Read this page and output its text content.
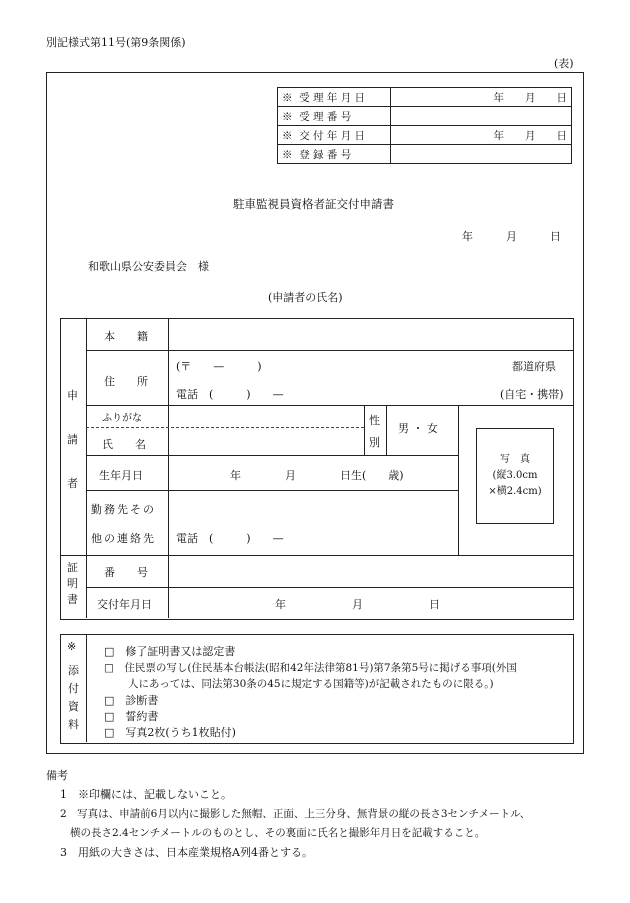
別記様式第11号(第9条関係)
(表)
※ 受 理 年 月 日	年　　月　　日
※ 受 理 番 号	
※ 交 付 年 月 日	年　　月　　日
※ 登 録 番 号	
駐車監視員資格者証交付申請書
年　　　月　　　日
和歌山県公安委員会　様
(申請者の氏名)
申
請
者
本　　籍
住　　所
(〒　　—　　　)	都道府県
電話　(　　　)　　—	(自宅・携帯)
ふりがな
氏　　名
性
別
男 ・ 女
生年月日	年　　　　月　　　　日生(　　歳)
勤務先その
他の連絡先 電話　(　　　)　　—
写　真
(縦3.0cm
×横2.4cm)
証
明
書
番　　号
交付年月日	年　　　　　　月　　　　　　日
※
添
付
資
料
□　修了証明書又は認定書
□　住民票の写し(住民基本台帳法(昭和42年法律第81号)第7条第5号に掲げる事項(外国
人にあっては、同法第30条の45に規定する国籍等)が記載されたものに限る。)
□　診断書
□　誓約書
□　写真2枚(うち1枚貼付)
備考
1　※印欄には、記載しないこと。
2　写真は、申請前6月以内に撮影した無帽、正面、上三分身、無背景の縦の長さ3センチメートル、
横の長さ2.4センチメートルのものとし、その裏面に氏名と撮影年月日を記載すること。
3　用紙の大きさは、日本産業規格A列4番とする。
